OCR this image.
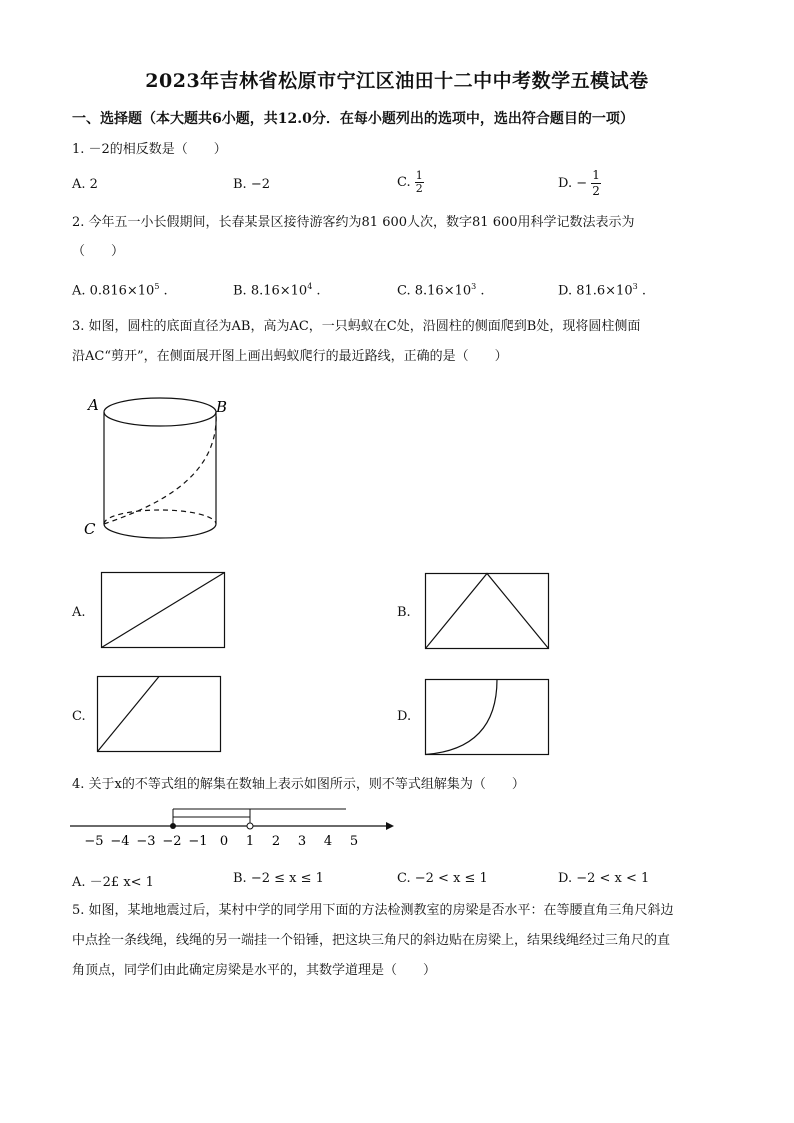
2023年吉林省松原市宁江区油田十二中中考数学五模试卷
一、选择题（本大题共6小题，共12.0分．在每小题列出的选项中，选出符合题目的一项）
1. －2的相反数是（　　）
A. 2	B. −2	C. $\frac{1}{2}$	D. − $\frac{1}{2}$
2. 今年五一小长假期间，长春某景区接待游客约为81 600人次，数字81 600用科学记数法表示为
（　　）
A. $0.816\times 10^5$ .	B. $8.16\times 10^4$ .	C. $8.16\times 10^3$ .	D. $81.6\times 10^3$ .
3. 如图，圆柱的底面直径为AB，高为AC，一只蚂蚁在C处，沿圆柱的侧面爬到B处，现将圆柱侧面
沿AC“剪开”，在侧面展开图上画出蚂蚁爬行的最近路线，正确的是（　　）
A	B
C
A.	B.
C.	D.
4. 关于x的不等式组的解集在数轴上表示如图所示，则不等式组解集为（　　）
−5 −4 −3 −2 −1 0 1 2 3 4 5
A. －2£ x< 1	B. −2 ≤ x ≤ 1	C. −2 < x ≤ 1	D. −2 < x < 1
5. 如图，某地地震过后，某村中学的同学用下面的方法检测教室的房梁是否水平：在等腰直角三角尺斜边
中点拴一条线绳，线绳的另一端挂一个铅锤，把这块三角尺的斜边贴在房梁上，结果线绳经过三角尺的直
角顶点，同学们由此确定房梁是水平的，其数学道理是（　　）
